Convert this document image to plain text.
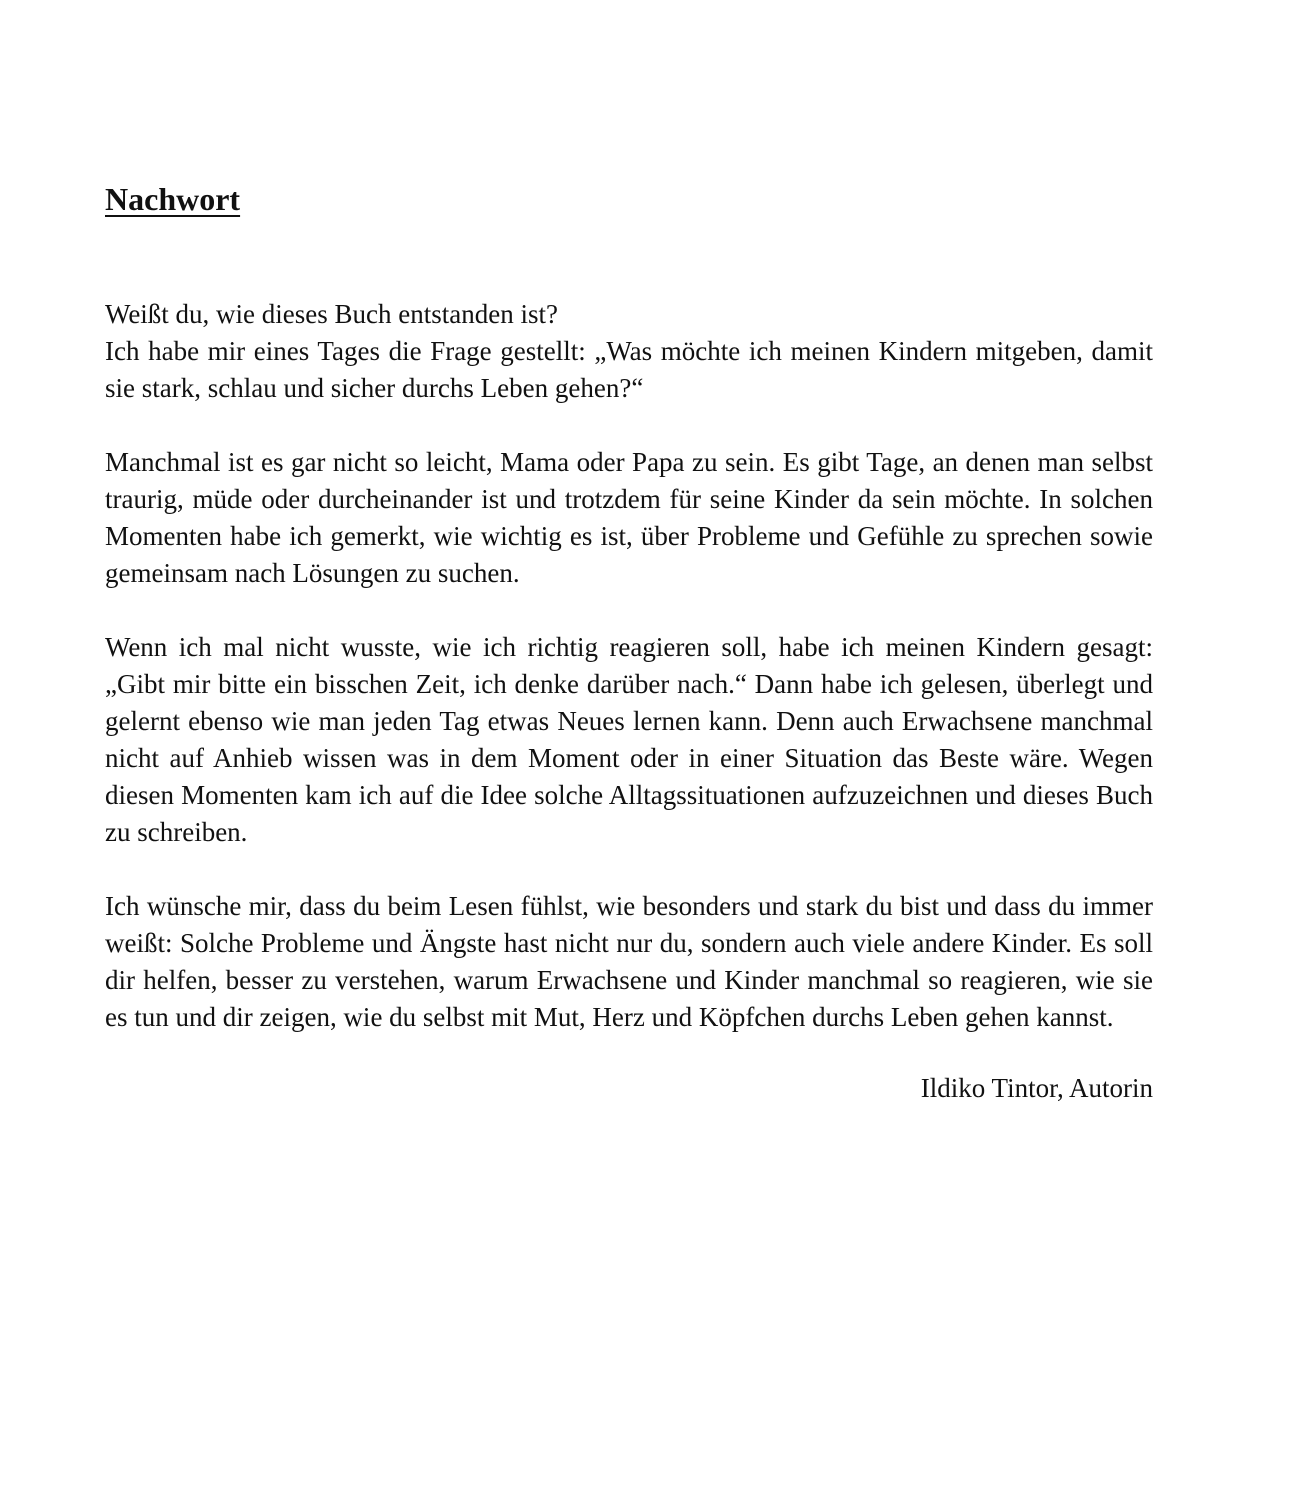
Nachwort

Weißt du, wie dieses Buch entstanden ist?
Ich habe mir eines Tages die Frage gestellt: „Was möchte ich meinen Kindern mitgeben, damit sie stark, schlau und sicher durchs Leben gehen?“

Manchmal ist es gar nicht so leicht, Mama oder Papa zu sein. Es gibt Tage, an denen man selbst traurig, müde oder durcheinander ist und trotzdem für seine Kinder da sein möchte. In solchen Momenten habe ich gemerkt, wie wichtig es ist, über Probleme und Gefühle zu sprechen sowie gemeinsam nach Lösungen zu suchen.

Wenn ich mal nicht wusste, wie ich richtig reagieren soll, habe ich meinen Kindern gesagt: „Gibt mir bitte ein bisschen Zeit, ich denke darüber nach.“ Dann habe ich gelesen, überlegt und gelernt ebenso wie man jeden Tag etwas Neues lernen kann. Denn auch Erwachsene manchmal nicht auf Anhieb wissen was in dem Moment oder in einer Situation das Beste wäre. Wegen diesen Momenten kam ich auf die Idee solche Alltagssituationen aufzuzeichnen und dieses Buch zu schreiben.

Ich wünsche mir, dass du beim Lesen fühlst, wie besonders und stark du bist und dass du immer weißt: Solche Probleme und Ängste hast nicht nur du, sondern auch viele andere Kinder. Es soll dir helfen, besser zu verstehen, warum Erwachsene und Kinder manchmal so reagieren, wie sie es tun und dir zeigen, wie du selbst mit Mut, Herz und Köpfchen durchs Leben gehen kannst.

Ildiko Tintor, Autorin
